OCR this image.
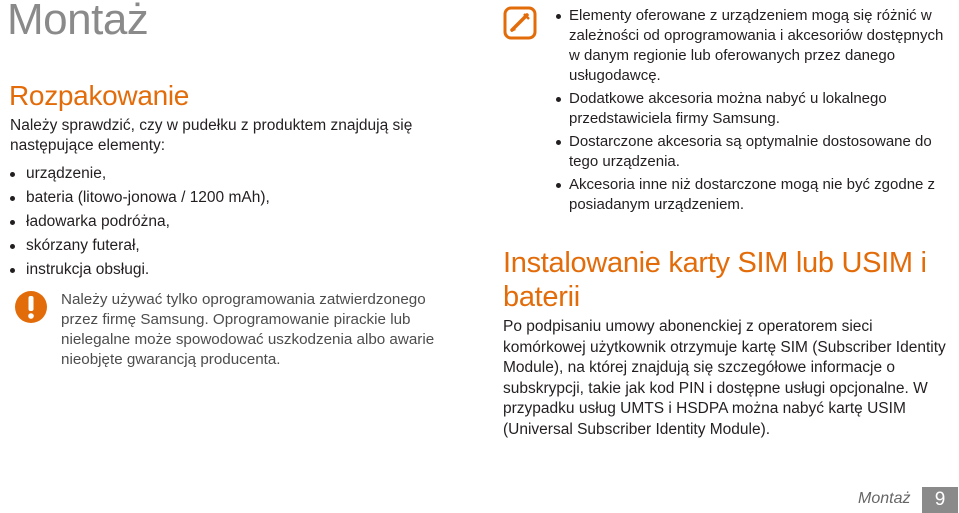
Montaż
Rozpakowanie

Należy sprawdzić, czy w pudełku z produktem znajdują się następujące elementy:

urządzenie,
bateria (litowo-jonowa / 1200 mAh),
ładowarka podróżna,
skórzany futerał,
instrukcja obsługi.

Należy używać tylko oprogramowania zatwierdzonego przez firmę Samsung. Oprogramowanie pirackie lub nielegalne może spowodować uszkodzenia albo awarie nieobjęte gwarancją producenta.

Elementy oferowane z urządzeniem mogą się różnić w zależności od oprogramowania i akcesoriów dostępnych w danym regionie lub oferowanych przez danego usługodawcę.
Dodatkowe akcesoria można nabyć u lokalnego przedstawiciela firmy Samsung.
Dostarczone akcesoria są optymalnie dostosowane do tego urządzenia.
Akcesoria inne niż dostarczone mogą nie być zgodne z posiadanym urządzeniem.
Instalowanie karty SIM lub USIM i baterii

Po podpisaniu umowy abonenckiej z operatorem sieci komórkowej użytkownik otrzymuje kartę SIM (Subscriber Identity Module), na której znajdują się szczegółowe informacje o subskrypcji, takie jak kod PIN i dostępne usługi opcjonalne. W przypadku usług UMTS i HSDPA można nabyć kartę USIM (Universal Subscriber Identity Module).

Montaż	9
